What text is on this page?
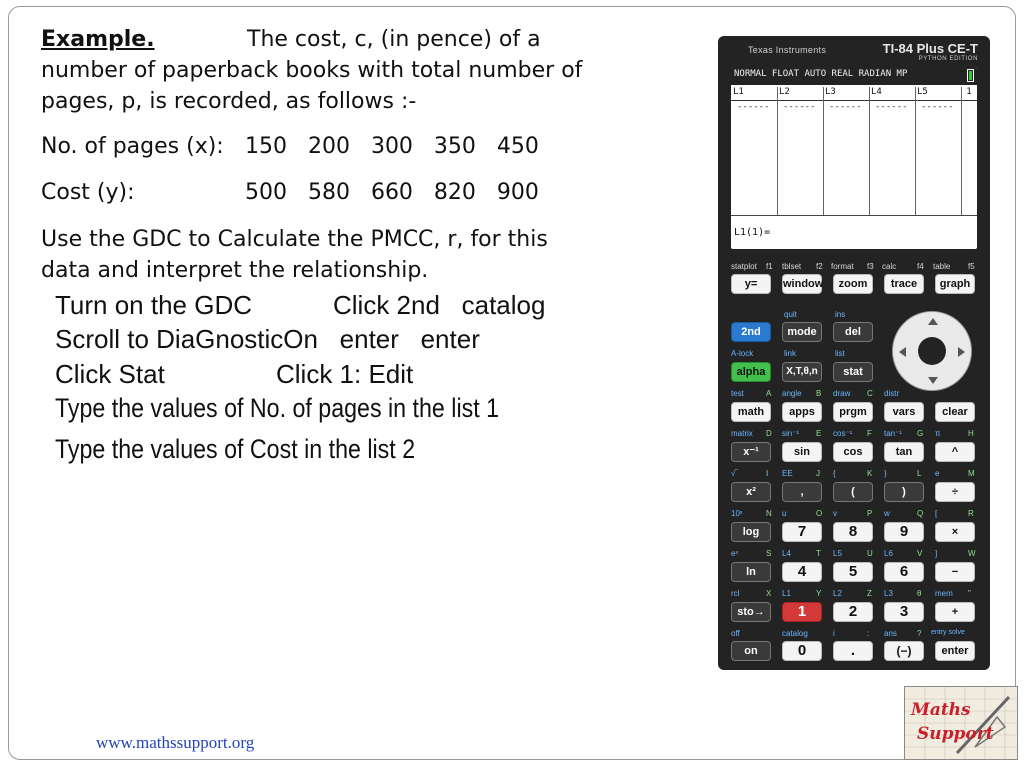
Example.	The cost, c, (in pence) of a
number of paperback books with total number of
pages, p, is recorded, as follows :-
No. of pages (x): 150   200   300   350   450
Cost (y):	500   580   660   820   900
Use the GDC to Calculate the PMCC, r, for this
data and interpret the relationship.
Turn on the GDC	Click 2nd   catalog
Scroll to DiaGnosticOn   enter   enter
Click Stat	Click 1: Edit
Type the values of No. of pages in the list 1
Type the values of Cost in the list 2
www.mathssupport.org
Maths
Support
Texas Instruments	TI-84 Plus CE-T
PYTHON EDITION
NORMAL FLOAT AUTO REAL RADIAN MP
L1	L2	L3	L4	L5	1
------ ------ ------ ------ ------
L1(1)=
statplot f1 tblset f2 format f3 calc	f4 table f5
y=	window	zoom	trace	graph
quit	ins
2nd	mode	del
A-lock	link	list
alpha	X,T,θ,n	stat
test	A angle B draw C distr
math	apps	prgm	vars	clear
matrix D sin⁻¹ E cos⁻¹ F tan⁻¹ G π	H
x⁻¹	sin	cos	tan	^
√‾	I EE	J {	K }	L e	M
x²	,	(	)	÷
10ˣ	N u	O v	P w	Q [	R
log	7	8	9	×
eˣ	S L4	T L5	U L6	V ]	W
ln	4	5	6	−
rcl	X L1	Y L2	Z L3	θ mem "
sto→	1	2	3	+
off	catalog	i	: ans	? entry solve
on	0	.	(−)	enter
